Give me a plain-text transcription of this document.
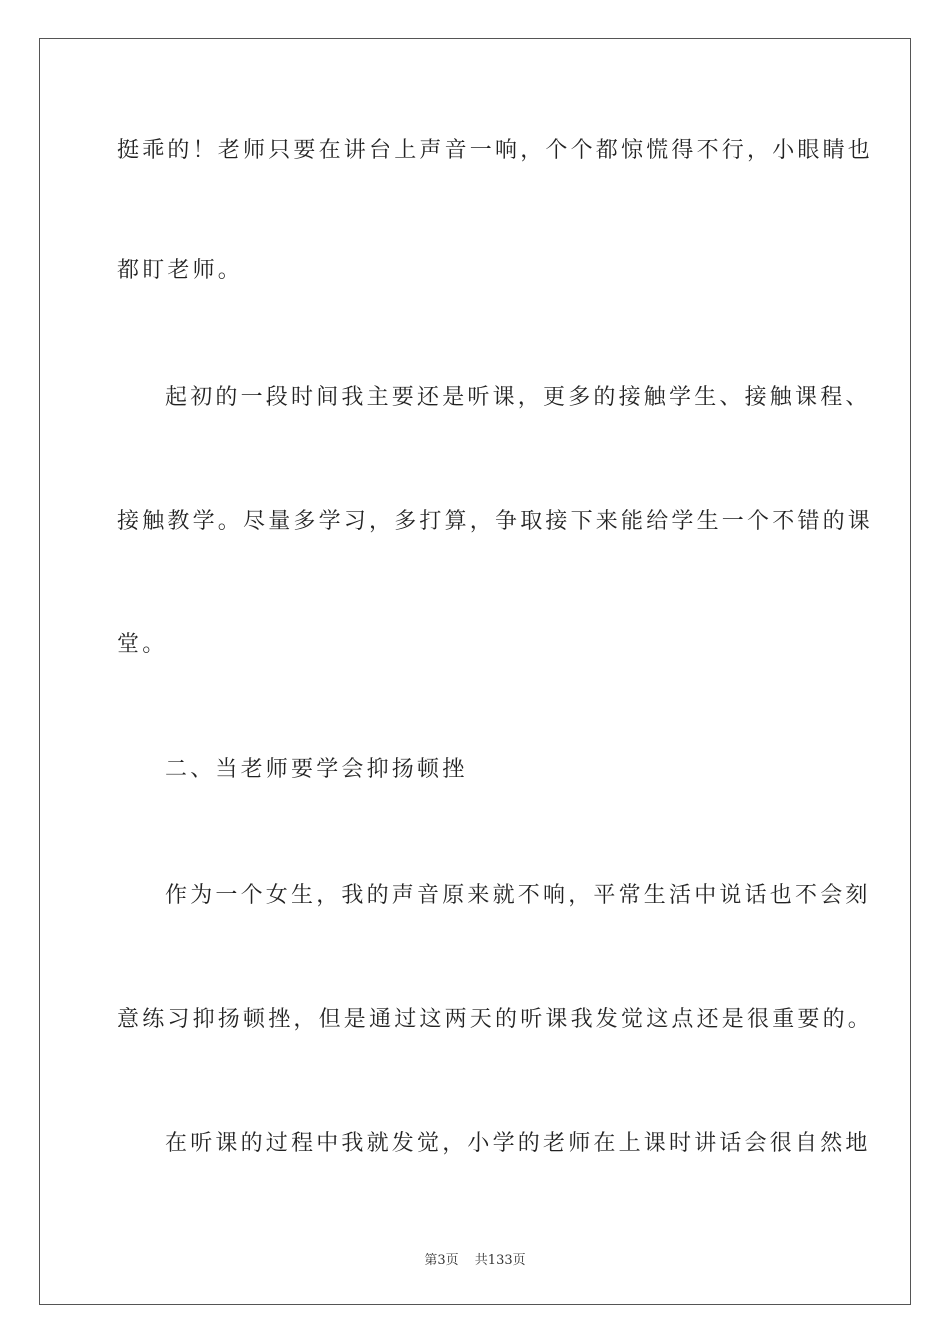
挺乖的！老师只要在讲台上声音一响，个个都惊慌得不行，小眼睛也
都盯老师。
起初的一段时间我主要还是听课，更多的接触学生、接触课程、
接触教学。尽量多学习，多打算，争取接下来能给学生一个不错的课
堂。
二、当老师要学会抑扬顿挫
作为一个女生，我的声音原来就不响，平常生活中说话也不会刻
意练习抑扬顿挫，但是通过这两天的听课我发觉这点还是很重要的。
在听课的过程中我就发觉，小学的老师在上课时讲话会很自然地
第3页 共133页
